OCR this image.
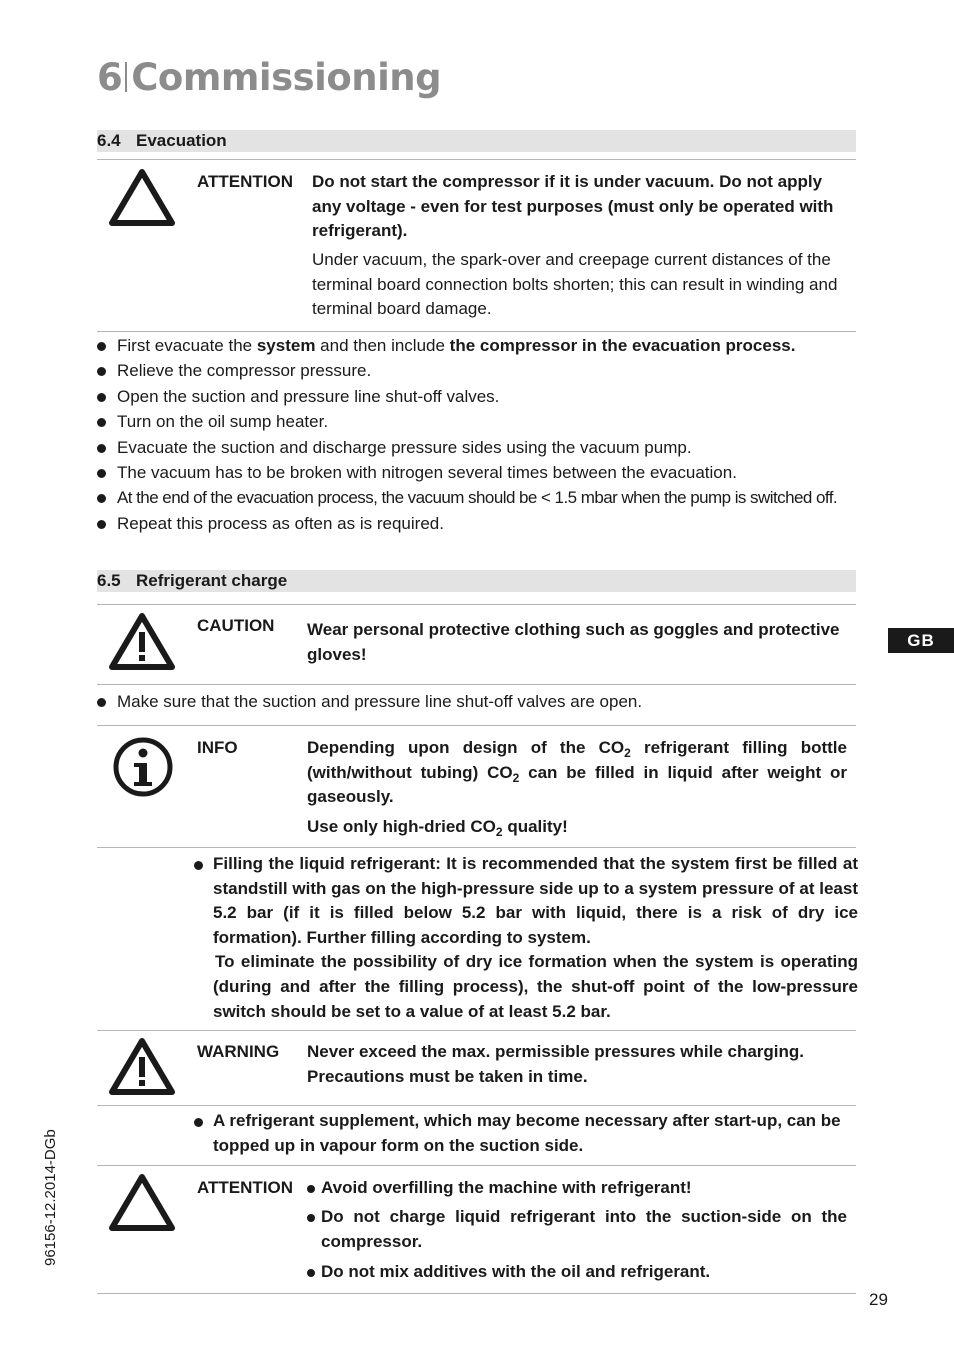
6 Commissioning
6.4 Evacuation
ATTENTION Do not start the compressor if it is under vacuum. Do not apply any voltage - even for test purposes (must only be operated with refrigerant).
Under vacuum, the spark-over and creepage current distances of the terminal board connection bolts shorten; this can result in winding and terminal board damage.
First evacuate the system and then include the compressor in the evacuation process.
Relieve the compressor pressure.
Open the suction and pressure line shut-off valves.
Turn on the oil sump heater.
Evacuate the suction and discharge pressure sides using the vacuum pump.
The vacuum has to be broken with nitrogen several times between the evacuation.
At the end of the evacuation process, the vacuum should be < 1.5 mbar when the pump is switched off.
Repeat this process as often as is required.
6.5 Refrigerant charge
CAUTION Wear personal protective clothing such as goggles and protective gloves!
Make sure that the suction and pressure line shut-off valves are open.
INFO	Depending upon design of the $CO_2$ refrigerant filling bottle (with/without tubing) $CO_2$ can be filled in liquid after weight or gaseously.
Use only high-dried $CO_2$ quality!
Filling the liquid refrigerant: It is recommended that the system first be filled at standstill with gas on the high-pressure side up to a system pressure of at least 5.2 bar (if it is filled below 5.2 bar with liquid, there is a risk of dry ice formation). Further filling according to system.
To eliminate the possibility of dry ice formation when the system is operating (during and after the filling process), the shut-off point of the low-pressure switch should be set to a value of at least 5.2 bar.
WARNING Never exceed the max. permissible pressures while charging. Precautions must be taken in time.
A refrigerant supplement, which may become necessary after start-up, can be topped up in vapour form on the suction side.
ATTENTION Avoid overfilling the machine with refrigerant!
Do not charge liquid refrigerant into the suction-side on the compressor.
Do not mix additives with the oil and refrigerant.
GB
96156-12.2014-DGb
29
